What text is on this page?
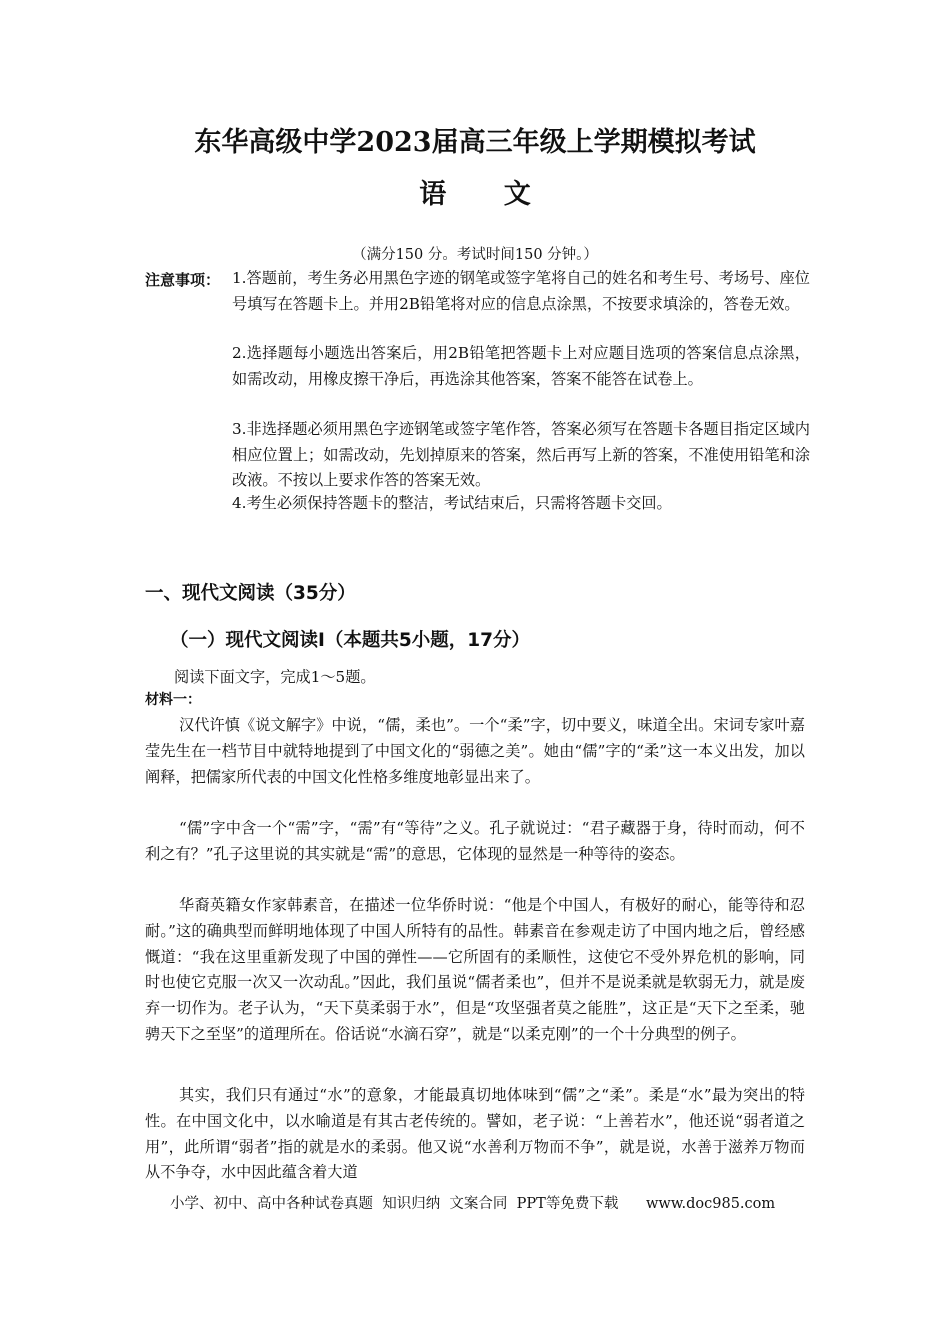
东华高级中学2023届高三年级上学期模拟考试
语 文
（满分150 分。考试时间150 分钟。）
注意事项： 1.答题前，考生务必用黑色字迹的钢笔或签字笔将自己的姓名和考生号、考场号、座位号填写在答题卡上。并用2B铅笔将对应的信息点涂黑，不按要求填涂的，答卷无效。
2.选择题每小题选出答案后，用2B铅笔把答题卡上对应题目选项的答案信息点涂黑，如需改动，用橡皮擦干净后，再选涂其他答案，答案不能答在试卷上。
3.非选择题必须用黑色字迹钢笔或签字笔作答，答案必须写在答题卡各题目指定区域内相应位置上；如需改动，先划掉原来的答案，然后再写上新的答案，不准使用铅笔和涂改液。不按以上要求作答的答案无效。
4.考生必须保持答题卡的整洁，考试结束后，只需将答题卡交回。
一、现代文阅读（35分）
（一）现代文阅读I（本题共5小题，17分）
阅读下面文字，完成1～5题。
材料一：

汉代许慎《说文解字》中说，“儒，柔也”。一个“柔”字，切中要义，味道全出。宋词专家叶嘉莹先生在一档节目中就特地提到了中国文化的“弱德之美”。她由“儒”字的“柔”这一本义出发，加以阐释，把儒家所代表的中国文化性格多维度地彰显出来了。

“儒”字中含一个“需”字，“需”有“等待”之义。孔子就说过：“君子藏器于身，待时而动，何不利之有？”孔子这里说的其实就是“需”的意思，它体现的显然是一种等待的姿态。

华裔英籍女作家韩素音，在描述一位华侨时说：“他是个中国人，有极好的耐心，能等待和忍耐。”这的确典型而鲜明地体现了中国人所特有的品性。韩素音在参观走访了中国内地之后，曾经感慨道：“我在这里重新发现了中国的弹性——它所固有的柔顺性，这使它不受外界危机的影响，同时也使它克服一次又一次动乱。”因此，我们虽说“儒者柔也”，但并不是说柔就是软弱无力，就是废弃一切作为。老子认为，“天下莫柔弱于水”，但是“攻坚强者莫之能胜”，这正是“天下之至柔，驰骋天下之至坚”的道理所在。俗话说“水滴石穿”，就是“以柔克刚”的一个十分典型的例子。

其实，我们只有通过“水”的意象，才能最真切地体味到“儒”之“柔”。柔是“水”最为突出的特性。在中国文化中，以水喻道是有其古老传统的。譬如，老子说：“上善若水”，他还说“弱者道之用”，此所谓“弱者”指的就是水的柔弱。他又说“水善利万物而不争”，就是说，水善于滋养万物而从不争夺，水中因此蕴含着大道

小学、初中、高中各种试卷真题  知识归纳  文案合同  PPT等免费下载      www.doc985.com
